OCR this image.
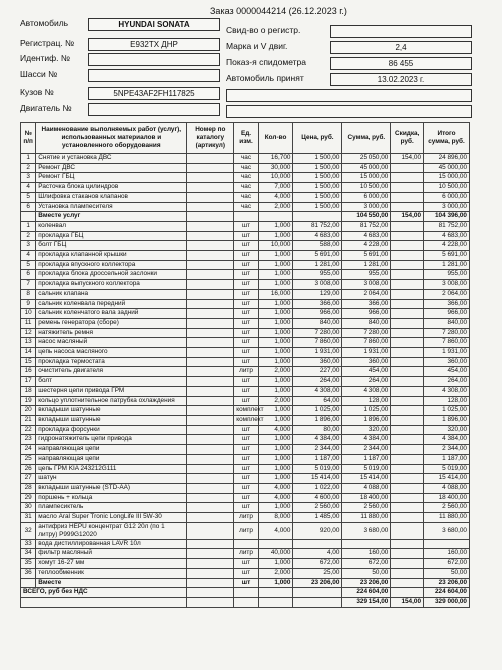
Заказ 0000044214 (26.12.2023 г.)
Автомобиль	HYUNDAI SONATA
Регистрац. №	E932TX ДНР
Идентиф. №
Шасси №
Кузов №	5NPE43AF2FH117825
Двигатель №
Свид-во о регистр.
Марка и V двиг.	2,4
Показ-я спидометра	86 455
Автомобиль принят	13.02.2023 г.
№ п/п	Наименование выполняемых работ (услуг), использованных материалов и установленного оборудования	Номер по каталогу (артикул)	Ед. изм.	Кол-во	Цена, руб.	Сумма, руб.	Скидка, руб.	Итого сумма, руб.
1	Снятие и установка ДВС		час	16,700	1 500,00	25 050,00	154,00	24 896,00
2	Ремонт ДВС		час	30,000	1 500,00	45 000,00		45 000,00
3	Ремонт ГБЦ		час	10,000	1 500,00	15 000,00		15 000,00
4	Расточка блока цилиндров		час	7,000	1 500,00	10 500,00		10 500,00
5	Шлифовка стаканов клапанов		час	4,000	1 500,00	6 000,00		6 000,00
6	Установка плампесителя		час	2,000	1 500,00	3 000,00		3 000,00
	Вместе услуг					104 550,00	154,00	104 396,00
1	коленвал		шт	1,000	81 752,00	81 752,00		81 752,00
2	прокладка ГБЦ		шт	1,000	4 683,00	4 683,00		4 683,00
3	болт ГБЦ		шт	10,000	588,00	4 228,00		4 228,00
4	прокладка клапанной крышки		шт	1,000	5 691,00	5 691,00		5 691,00
5	прокладка впускного коллектора		шт	1,000	1 281,00	1 281,00		1 281,00
6	прокладка блока дроссельной заслонки		шт	1,000	955,00	955,00		955,00
7	прокладка выпускного коллектора		шт	1,000	3 008,00	3 008,00		3 008,00
8	сальник клапана		шт	16,000	129,00	2 064,00		2 064,00
9	сальник коленвала передний		шт	1,000	366,00	366,00		366,00
10	сальник коленчатого вала задний		шт	1,000	966,00	966,00		966,00
11	ремень генератора (сборе)		шт	1,000	840,00	840,00		840,00
12	натяжитель ремня		шт	1,000	7 280,00	7 280,00		7 280,00
13	насос масляный		шт	1,000	7 860,00	7 860,00		7 860,00
14	цепь насоса масляного		шт	1,000	1 931,00	1 931,00		1 931,00
15	прокладка термостата		шт	1,000	360,00	360,00		360,00
16	очиститель двигателя		литр	2,000	227,00	454,00		454,00
17	болт		шт	1,000	264,00	264,00		264,00
18	шестерня цепи привода ГРМ		шт	1,000	4 308,00	4 308,00		4 308,00
19	кольцо уплотнительное патрубка охлаждения		шт	2,000	64,00	128,00		128,00
20	вкладыши шатунные		комплект	1,000	1 025,00	1 025,00		1 025,00
21	вкладыши шатунные		комплект	1,000	1 896,00	1 896,00		1 896,00
22	прокладка форсунки		шт	4,000	80,00	320,00		320,00
23	гидронатяжитель цепи привода		шт	1,000	4 384,00	4 384,00		4 384,00
24	направляющая цепи		шт	1,000	2 344,00	2 344,00		2 344,00
25	направляющая цепи		шт	1,000	1 187,00	1 187,00		1 187,00
26	цепь ГРМ KIA 243212G111		шт	1,000	5 019,00	5 019,00		5 019,00
27	шатун		шт	1,000	15 414,00	15 414,00		15 414,00
28	вкладыши шатунные (STD-AA)		шт	4,000	1 022,00	4 088,00		4 088,00
29	поршень + кольца		шт	4,000	4 600,00	18 400,00		18 400,00
30	плампесиктель		шт	1,000	2 560,00	2 560,00		2 560,00
31	масло Aral Super Tronic LongLife III 5W-30		литр	8,000	1 485,00	11 880,00		11 880,00
32	антифриз HEPU концентрат G12 20л (по 1 литру) P999G12020		литр	4,000	920,00	3 680,00		3 680,00
33	вода дистиллированная LAVR 10л							
34	фильтр масляный		литр	40,000	4,00	160,00		160,00
35	хомут 16-27 мм		шт	1,000	672,00	672,00		672,00
36	теплообменник		шт	2,000	25,00	50,00		50,00
	Вместе		шт	1,000	23 206,00	23 206,00		23 206,00
ВСЕГО, руб без НДС						224 604,00		224 604,00
						329 154,00	154,00	329 000,00
